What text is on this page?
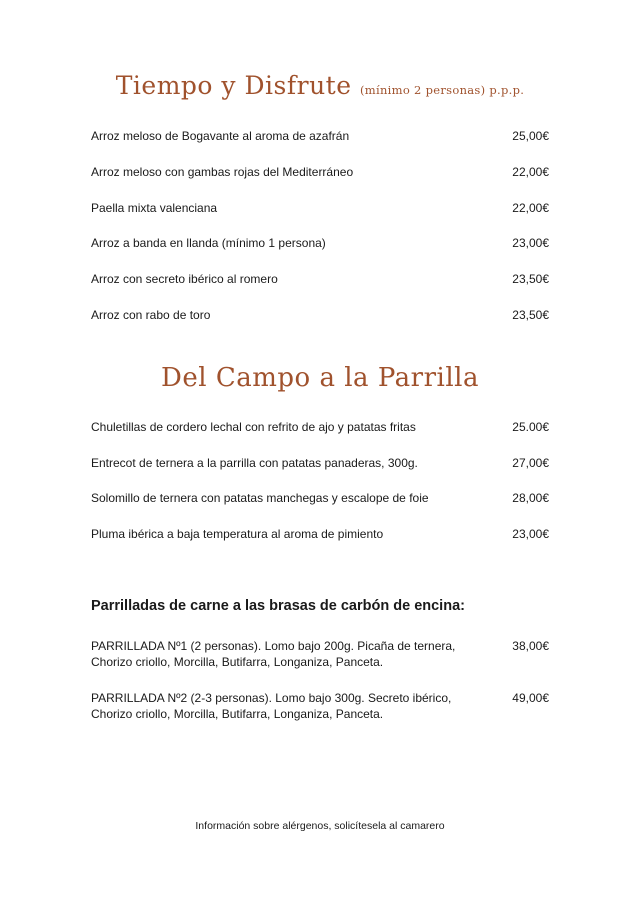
Tiempo y Disfrute (mínimo 2 personas) p.p.p.
Arroz meloso de Bogavante al aroma de azafrán	25,00€
Arroz meloso con gambas rojas del Mediterráneo	22,00€
Paella mixta valenciana	22,00€
Arroz a banda en llanda (mínimo 1 persona)	23,00€
Arroz con secreto ibérico al romero	23,50€
Arroz con rabo de toro	23,50€
Del Campo a la Parrilla
Chuletillas de cordero lechal con refrito de ajo y patatas fritas	25.00€
Entrecot de ternera a la parrilla con patatas panaderas, 300g.	27,00€
Solomillo de ternera con patatas manchegas y escalope de foie	28,00€
Pluma ibérica a baja temperatura al aroma de pimiento	23,00€
Parrilladas de carne a las brasas de carbón de encina:
PARRILLADA Nº1 (2 personas). Lomo bajo 200g. Picaña de ternera, Chorizo criollo, Morcilla, Butifarra, Longaniza, Panceta.
38,00€
PARRILLADA Nº2 (2-3 personas). Lomo bajo 300g. Secreto ibérico, Chorizo criollo, Morcilla, Butifarra, Longaniza, Panceta.
49,00€
Información sobre alérgenos, solicítesela al camarero
